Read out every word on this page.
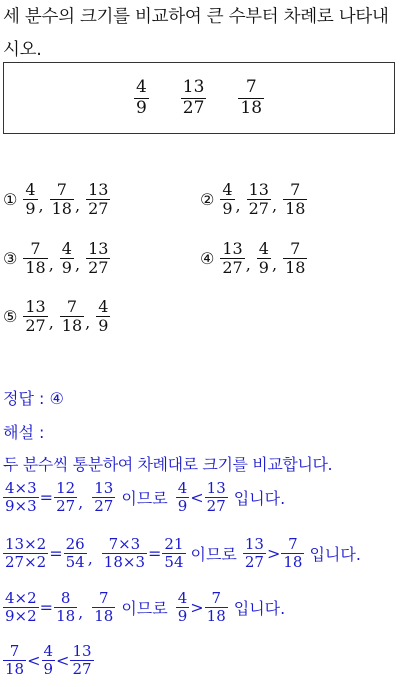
세 분수의 크기를 비교하여 큰 수부터 차례로 나타내
시오.
$\frac{4}{9} \frac{13}{27} \frac{7}{18}$
① $\frac{4}{9}$ , $\frac{7}{18}$ , $\frac{13}{27}$	② $\frac{4}{9}$ , $\frac{13}{27}$ , $\frac{7}{18}$
③ $\frac{7}{18}$ , $\frac{4}{9}$ , $\frac{13}{27}$	④ $\frac{13}{27}$ , $\frac{4}{9}$ , $\frac{7}{18}$
⑤ $\frac{13}{27}$ , $\frac{7}{18}$ , $\frac{4}{9}$
정답 : ④
해설 :
두 분수씩 통분하여 차례대로 크기를 비교합니다.
$\frac{4\times 3}{9\times 3} = \frac{12}{27}$ , $\frac{13}{27}$ 이므로 $\frac{4}{9} < \frac{13}{27}$ 입니다.
$\frac{13\times 2}{27\times 2} = \frac{26}{54}$ , $\frac{7\times 3}{18\times 3} = \frac{21}{54}$ 이므로 $\frac{13}{27} > \frac{7}{18}$ 입니다.
$\frac{4\times 2}{9\times 2} = \frac{8}{18}$ , $\frac{7}{18}$ 이므로 $\frac{4}{9} > \frac{7}{18}$ 입니다.
$\frac{7}{18} < \frac{4}{9} < \frac{13}{27}$
